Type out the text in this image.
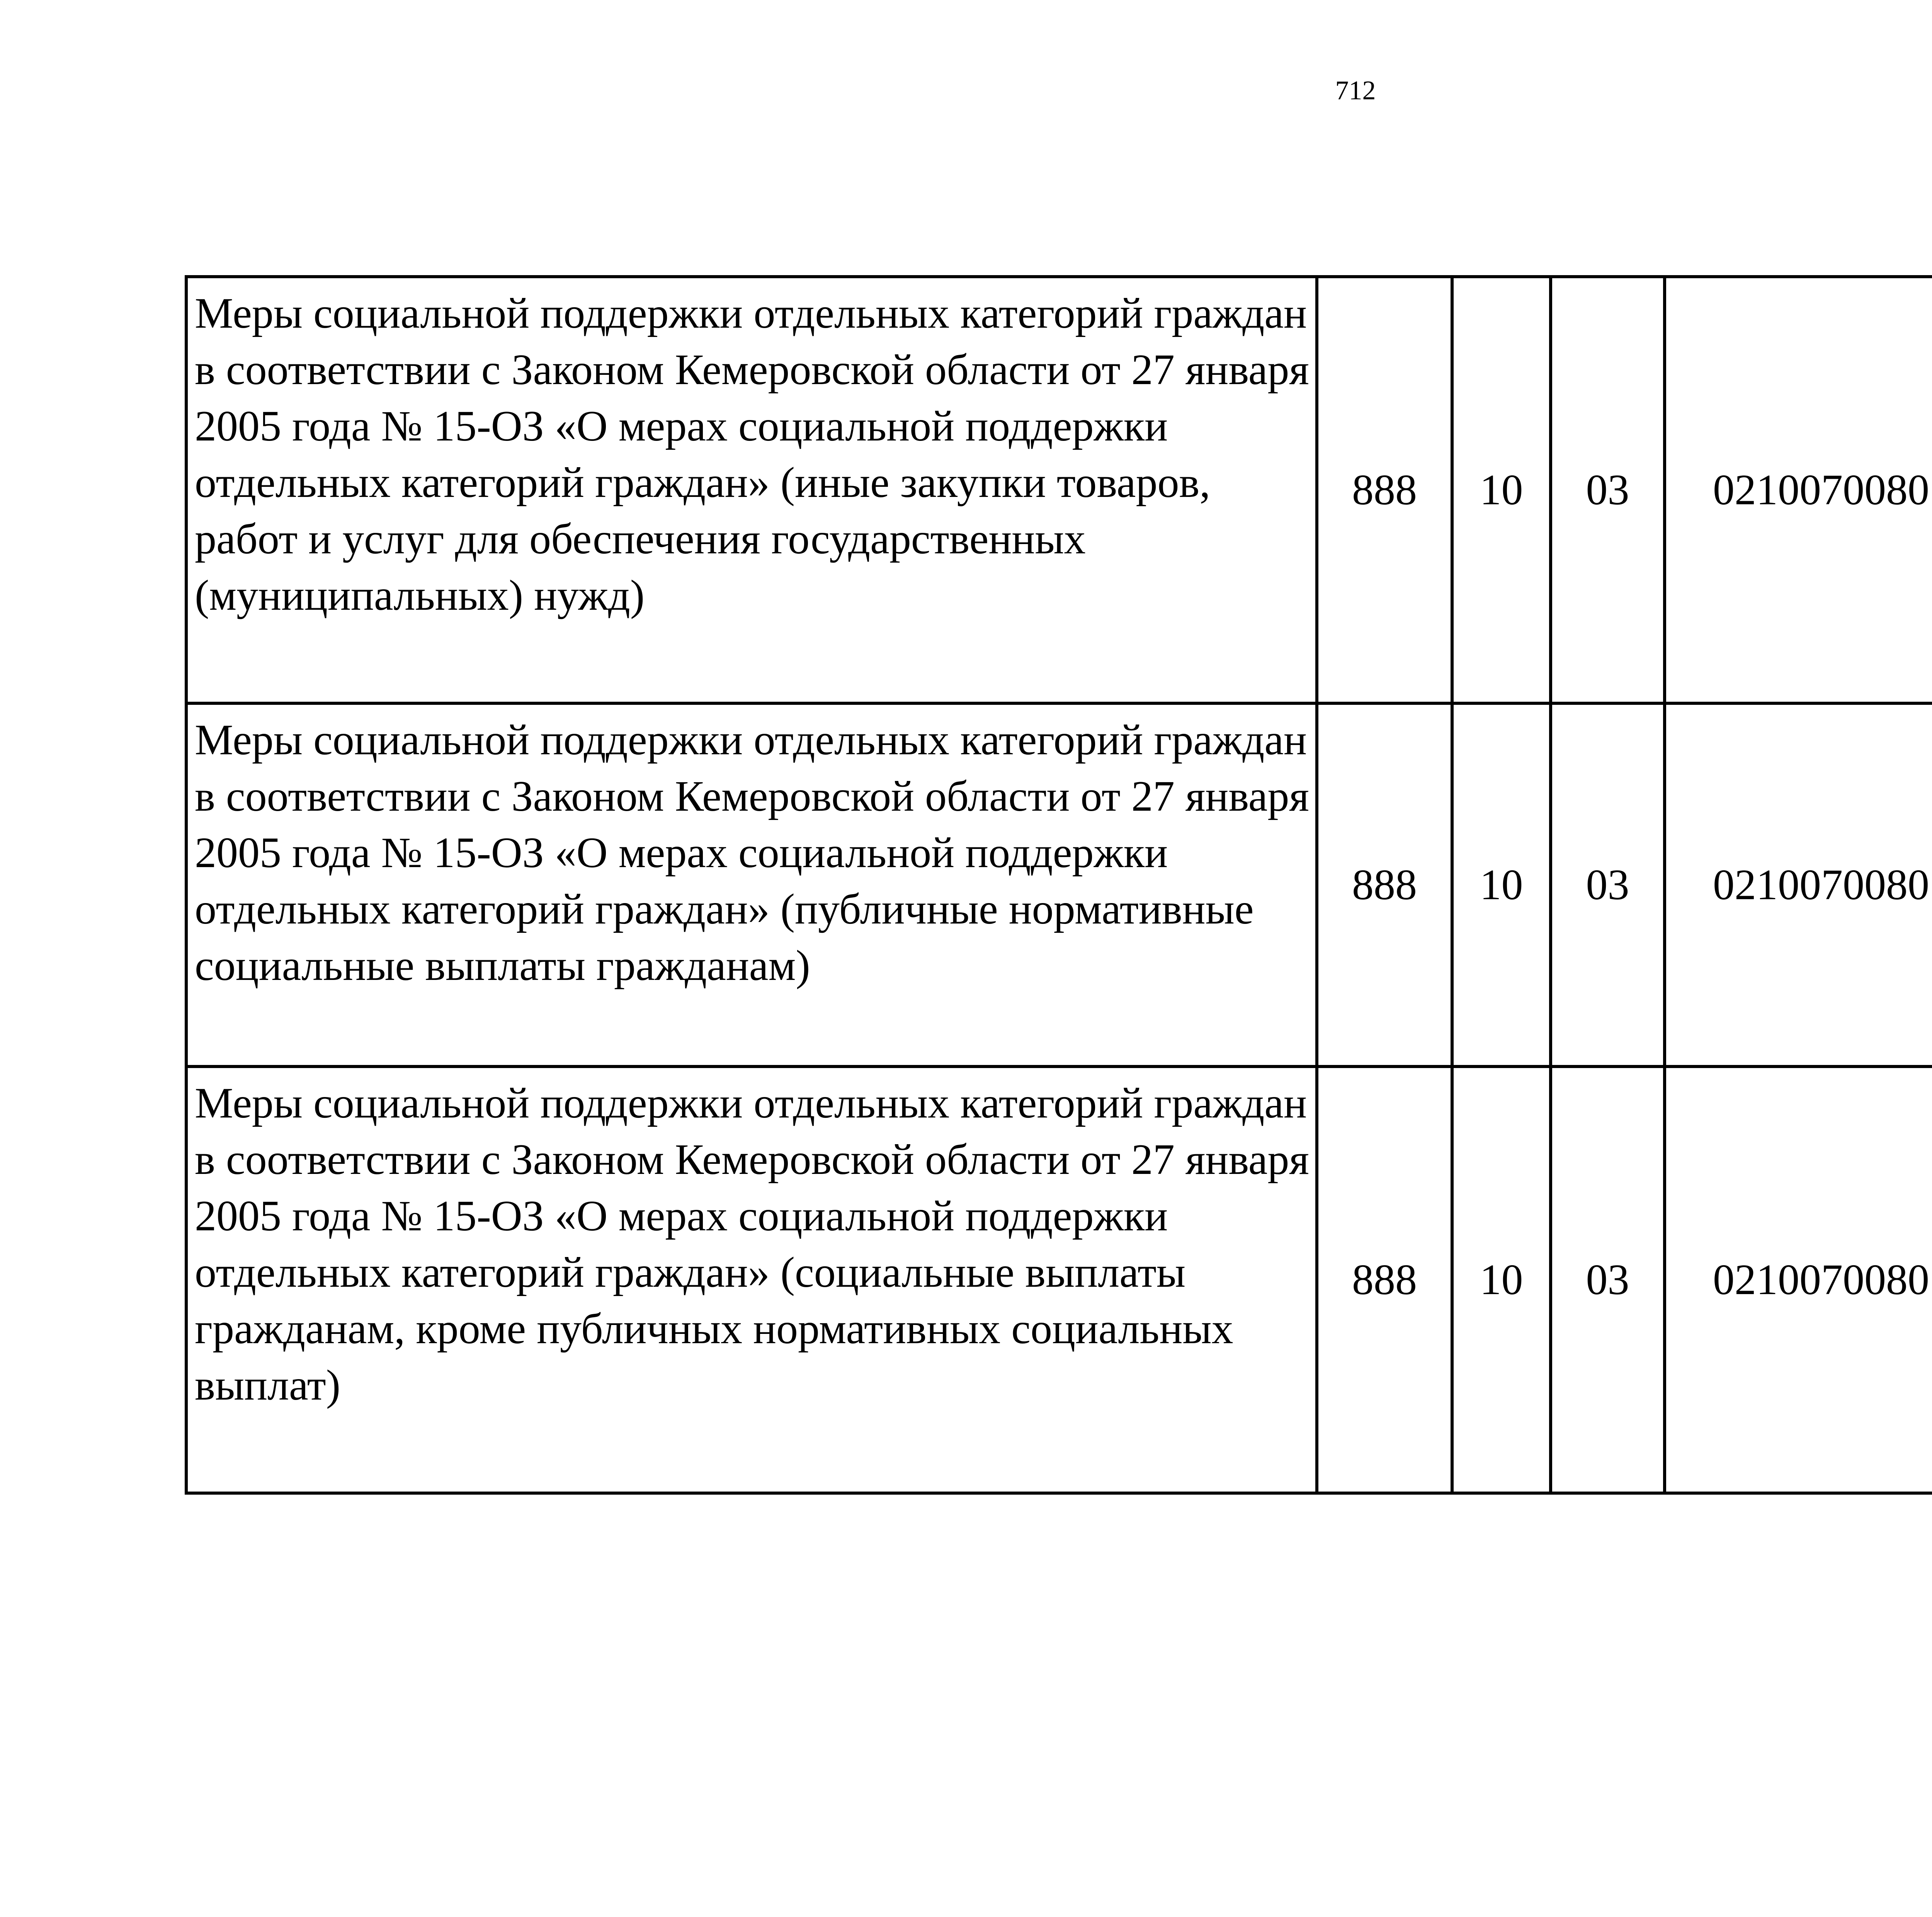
712
Меры социальной поддержки отдельных категорий граждан в соответствии с Законом Кемеровской области от 27 января 2005 года № 15-ОЗ «О мерах социальной поддержки отдельных категорий граждан» (иные закупки товаров, работ и услуг для обеспечения государственных (муниципальных) нужд)	888	10	03	0210070080		
Меры социальной поддержки отдельных категорий граждан в соответствии с Законом Кемеровской области от 27 января 2005 года № 15-ОЗ «О мерах социальной поддержки отдельных категорий граждан» (публичные нормативные социальные выплаты гражданам)	888	10	03	0210070080		
Меры социальной поддержки отдельных категорий граждан в соответствии с Законом Кемеровской области от 27 января 2005 года № 15-ОЗ «О мерах социальной поддержки отдельных категорий граждан» (социальные выплаты гражданам, кроме публичных нормативных социальных выплат)	888	10	03	0210070080		
